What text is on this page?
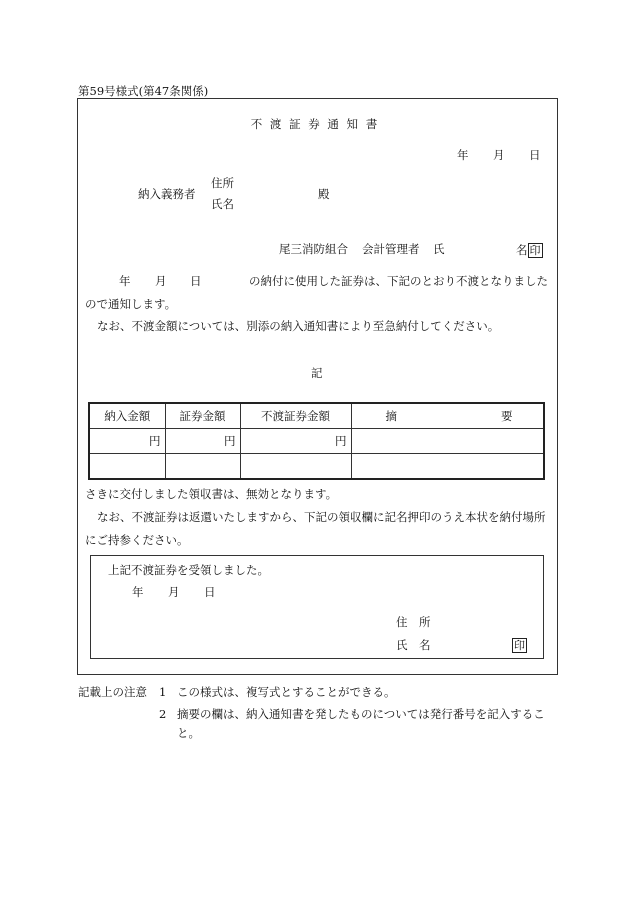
第59号様式(第47条関係)
不 渡 証 券 通 知 書
年 月 日
納入義務者
住所
氏名
殿
尾三消防組合 会計管理者 氏	名 印
年 月 日	の納付に使用した証券は、下記のとおり不渡となりました
ので通知します。
なお、不渡金額については、別添の納入通知書により至急納付してください。
記
納入金額	証券金額	不渡証券金額	摘 要
円	円	円	

さきに交付しました領収書は、無効となります。
なお、不渡証券は返還いたしますから、下記の領収欄に記名押印のうえ本状を納付場所
にご持参ください。
上記不渡証券を受領しました。
年 月 日
住　所
氏　名	印
記載上の注意 1 この様式は、複写式とすることができる。
2 摘要の欄は、納入通知書を発したものについては発行番号を記入するこ
と。
